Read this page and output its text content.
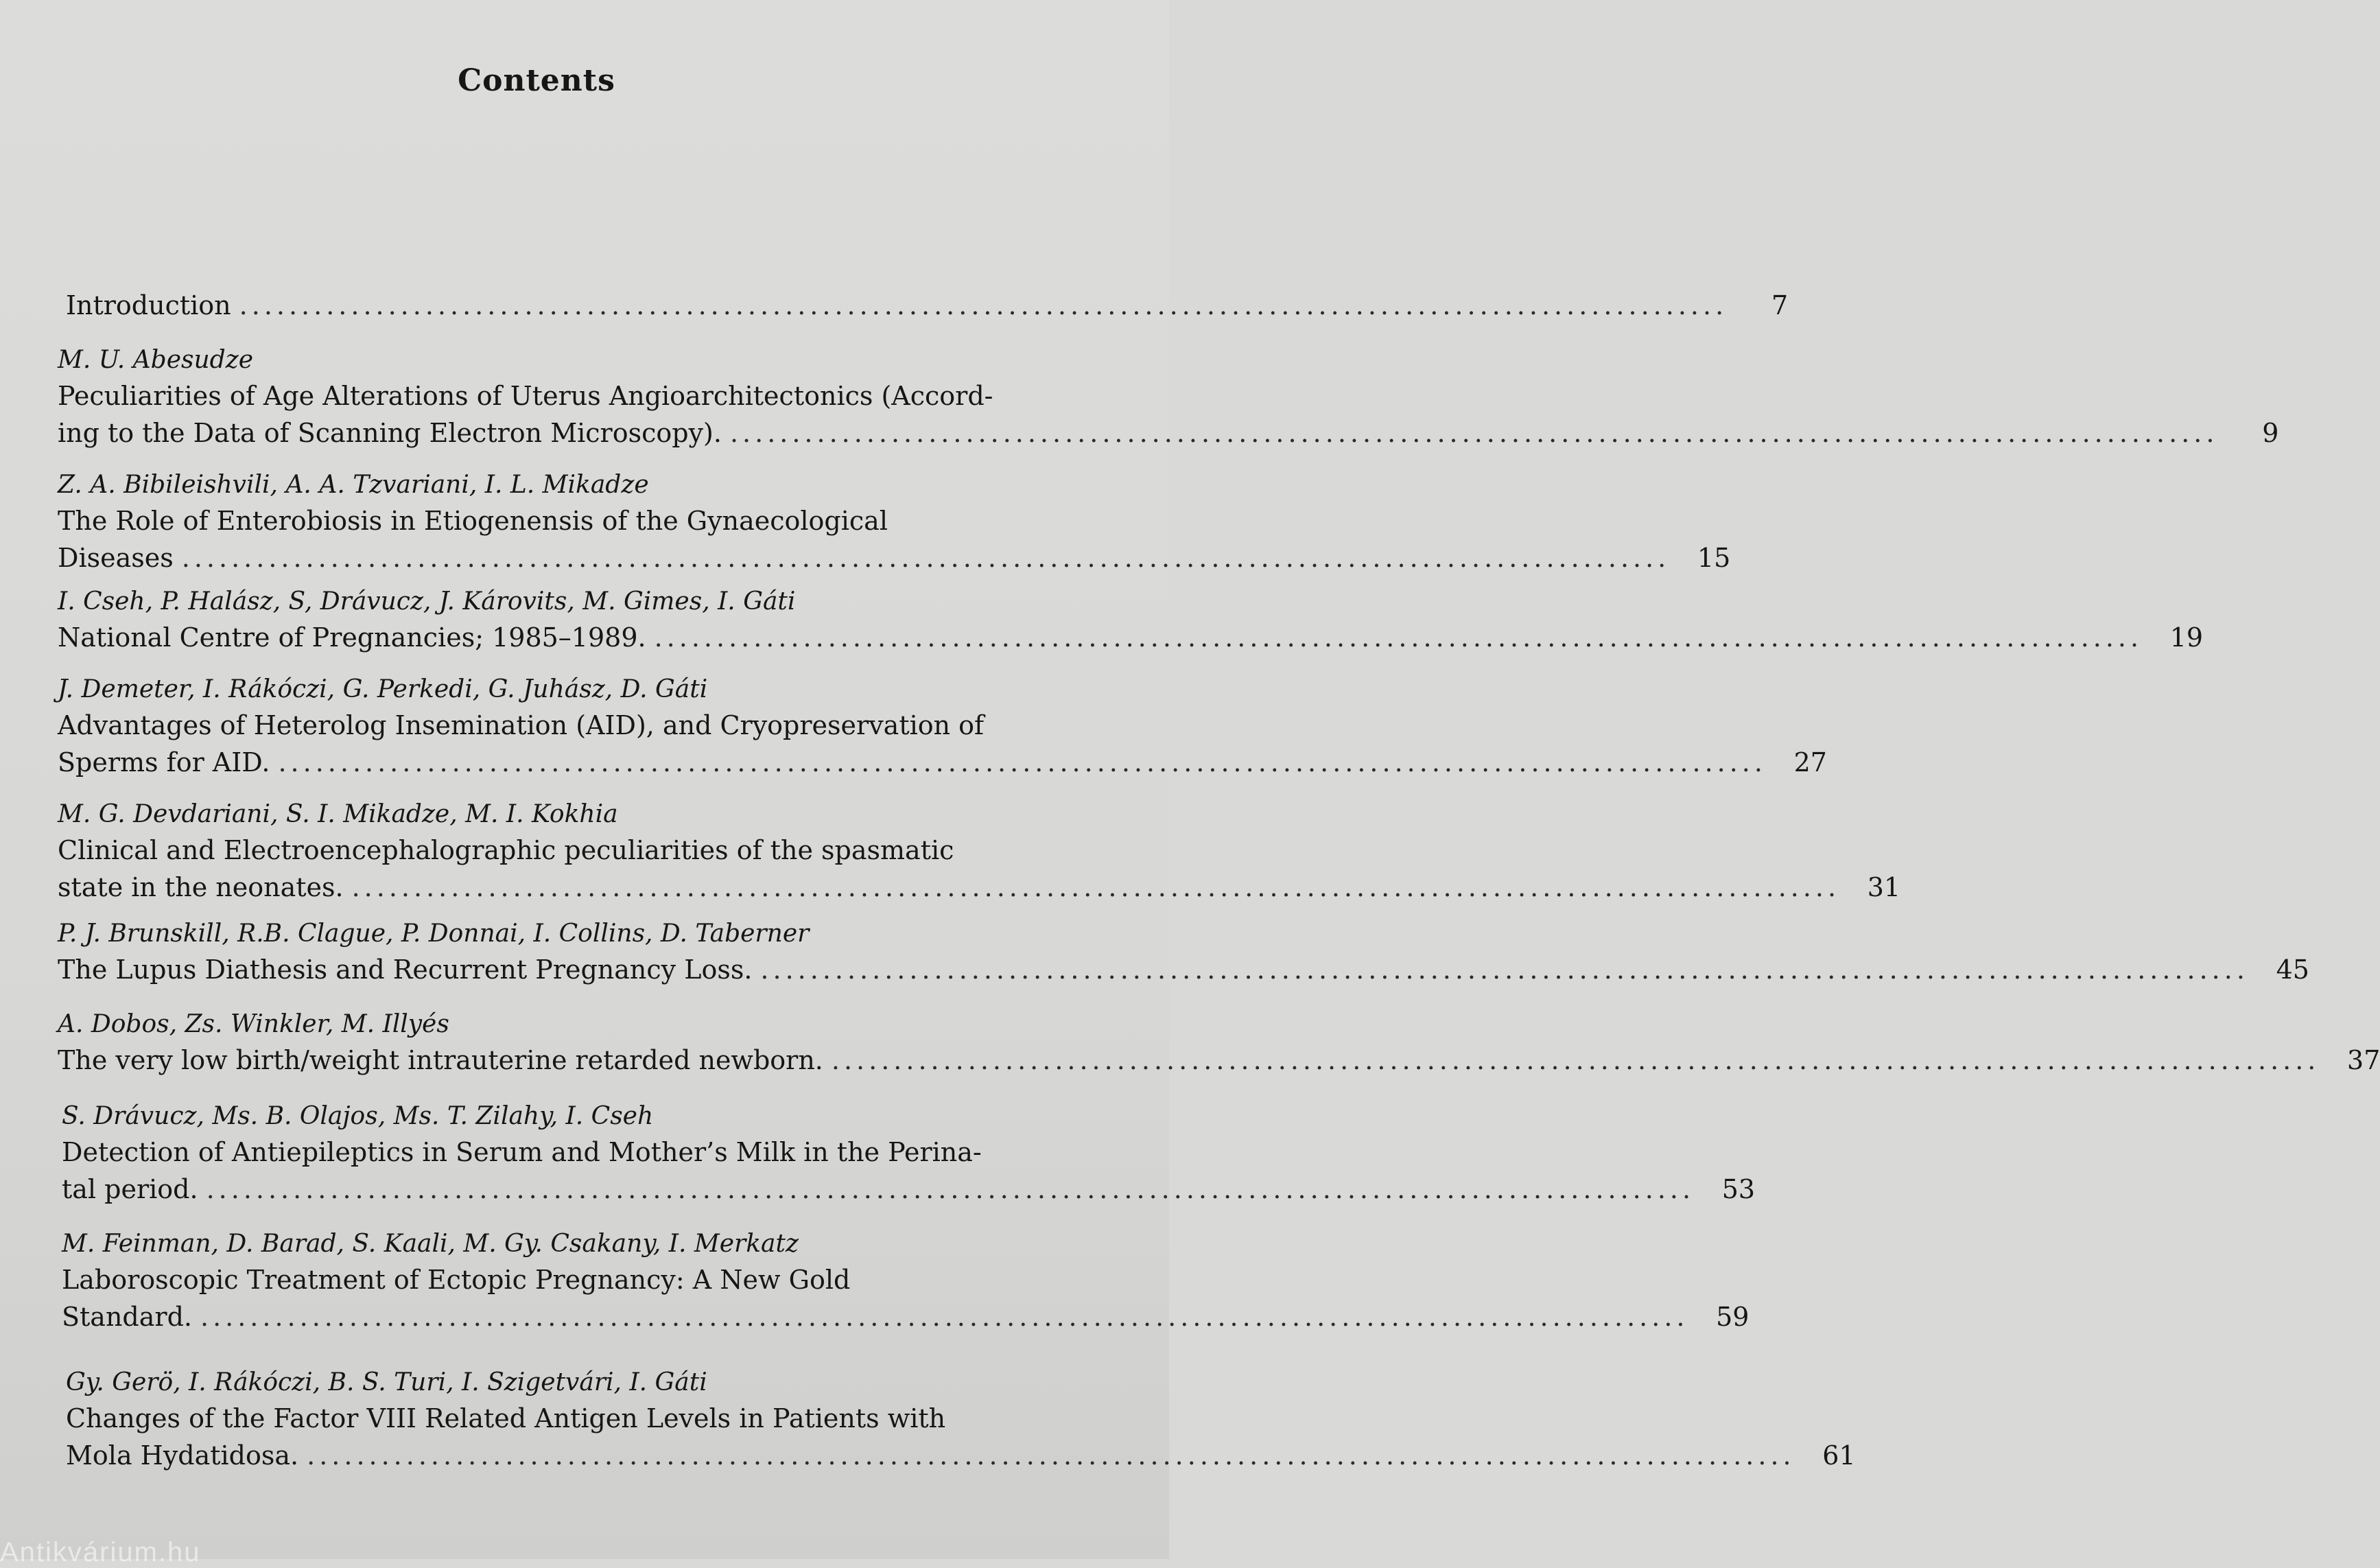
Contents
Introduction ........................................................................................................................	7
M. U. Abesudze
Peculiarities of Age Alterations of Uterus Angioarchitectonics (Accord-
ing to the Data of Scanning Electron Microscopy). ........................................................................................................................	9
Z. A. Bibileishvili, A. A. Tzvariani, I. L. Mikadze
The Role of Enterobiosis in Etiogenensis of the Gynaecological
Diseases ........................................................................................................................	15
I. Cseh, P. Halász, S, Drávucz, J. Károvits, M. Gimes, I. Gáti
National Centre of Pregnancies; 1985–1989. ........................................................................................................................	19
J. Demeter, I. Rákóczi, G. Perkedi, G. Juhász, D. Gáti
Advantages of Heterolog Insemination (AID), and Cryopreservation of
Sperms for AID. ........................................................................................................................	27
M. G. Devdariani, S. I. Mikadze, M. I. Kokhia
Clinical and Electroencephalographic peculiarities of the spasmatic
state in the neonates. ........................................................................................................................	31
P. J. Brunskill, R.B. Clague, P. Donnai, I. Collins, D. Taberner
The Lupus Diathesis and Recurrent Pregnancy Loss. ........................................................................................................................	45
A. Dobos, Zs. Winkler, M. Illyés
The very low birth/weight intrauterine retarded newborn. ........................................................................................................................	37
S. Drávucz, Ms. B. Olajos, Ms. T. Zilahy, I. Cseh
Detection of Antiepileptics in Serum and Mother’s Milk in the Perina-
tal period. ........................................................................................................................	53
M. Feinman, D. Barad, S. Kaali, M. Gy. Csakany, I. Merkatz
Laboroscopic Treatment of Ectopic Pregnancy: A New Gold
Standard. ........................................................................................................................	59
Gy. Gerö, I. Rákóczi, B. S. Turi, I. Szigetvári, I. Gáti
Changes of the Factor VIII Related Antigen Levels in Patients with
Mola Hydatidosa. ........................................................................................................................	61
Antikvárium.hu
